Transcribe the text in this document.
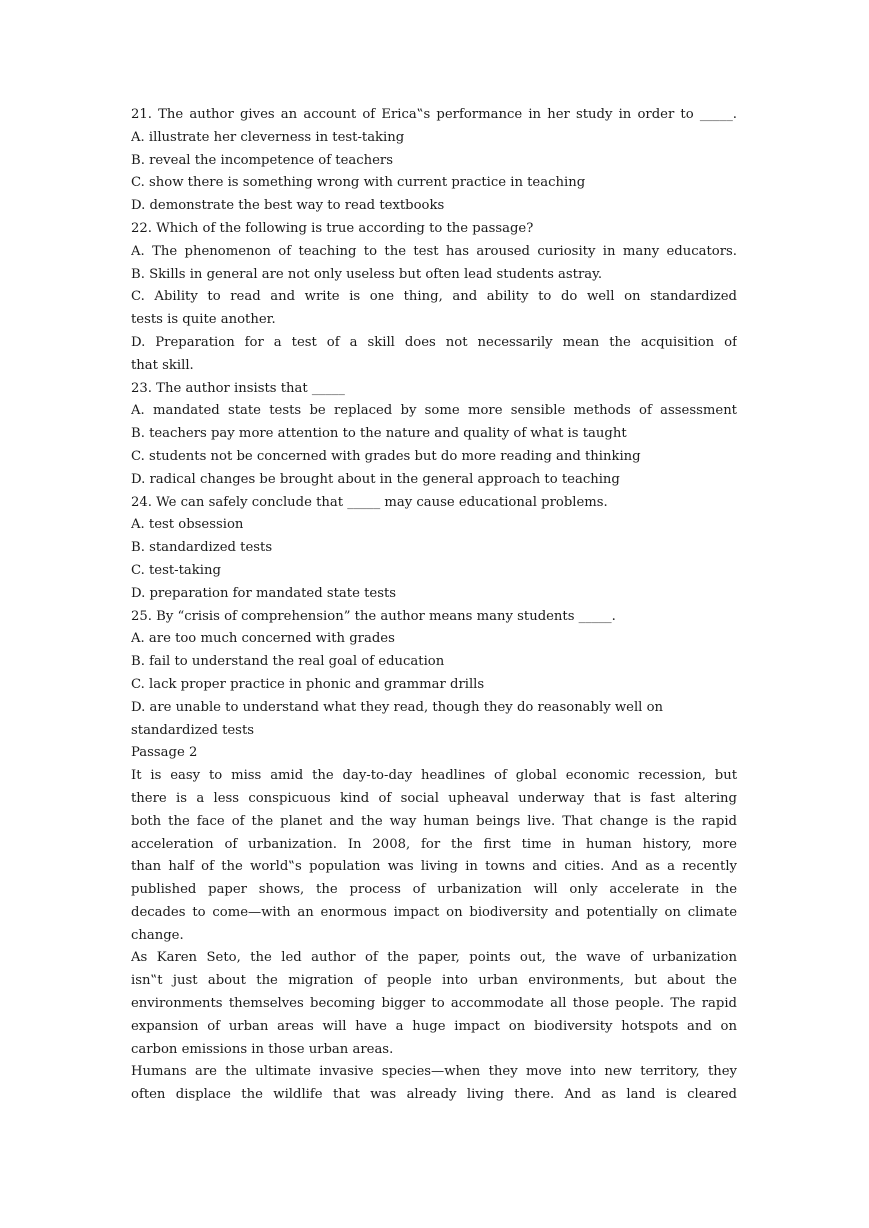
21. The author gives an account of Erica‟s performance in her study in order to _____.
A. illustrate her cleverness in test-taking
B. reveal the incompetence of teachers
C. show there is something wrong with current practice in teaching
D. demonstrate the best way to read textbooks
22. Which of the following is true according to the passage?
A. The phenomenon of teaching to the test has aroused curiosity in many educators.
B. Skills in general are not only useless but often lead students astray.
C. Ability to read and write is one thing, and ability to do well on standardized
tests is quite another.
D. Preparation for a test of a skill does not necessarily mean the acquisition of
that skill.
23. The author insists that _____
A. mandated state tests be replaced by some more sensible methods of assessment
B. teachers pay more attention to the nature and quality of what is taught
C. students not be concerned with grades but do more reading and thinking
D. radical changes be brought about in the general approach to teaching
24. We can safely conclude that _____ may cause educational problems.
A. test obsession
B. standardized tests
C. test-taking
D. preparation for mandated state tests
25. By “crisis of comprehension” the author means many students _____.
A. are too much concerned with grades
B. fail to understand the real goal of education
C. lack proper practice in phonic and grammar drills
D. are unable to understand what they read, though they do reasonably well on
standardized tests
Passage 2
It is easy to miss amid the day-to-day headlines of global economic recession, but
there is a less conspicuous kind of social upheaval underway that is fast altering
both the face of the planet and the way human beings live. That change is the rapid
acceleration of urbanization. In 2008, for the first time in human history, more
than half of the world‟s population was living in towns and cities. And as a recently
published paper shows, the process of urbanization will only accelerate in the
decades to come—with an enormous impact on biodiversity and potentially on climate
change.
As Karen Seto, the led author of the paper, points out, the wave of urbanization
isn‟t just about the migration of people into urban environments, but about the
environments themselves becoming bigger to accommodate all those people. The rapid
expansion of urban areas will have a huge impact on biodiversity hotspots and on
carbon emissions in those urban areas.
Humans are the ultimate invasive species—when they move into new territory, they
often displace the wildlife that was already living there. And as land is cleared
